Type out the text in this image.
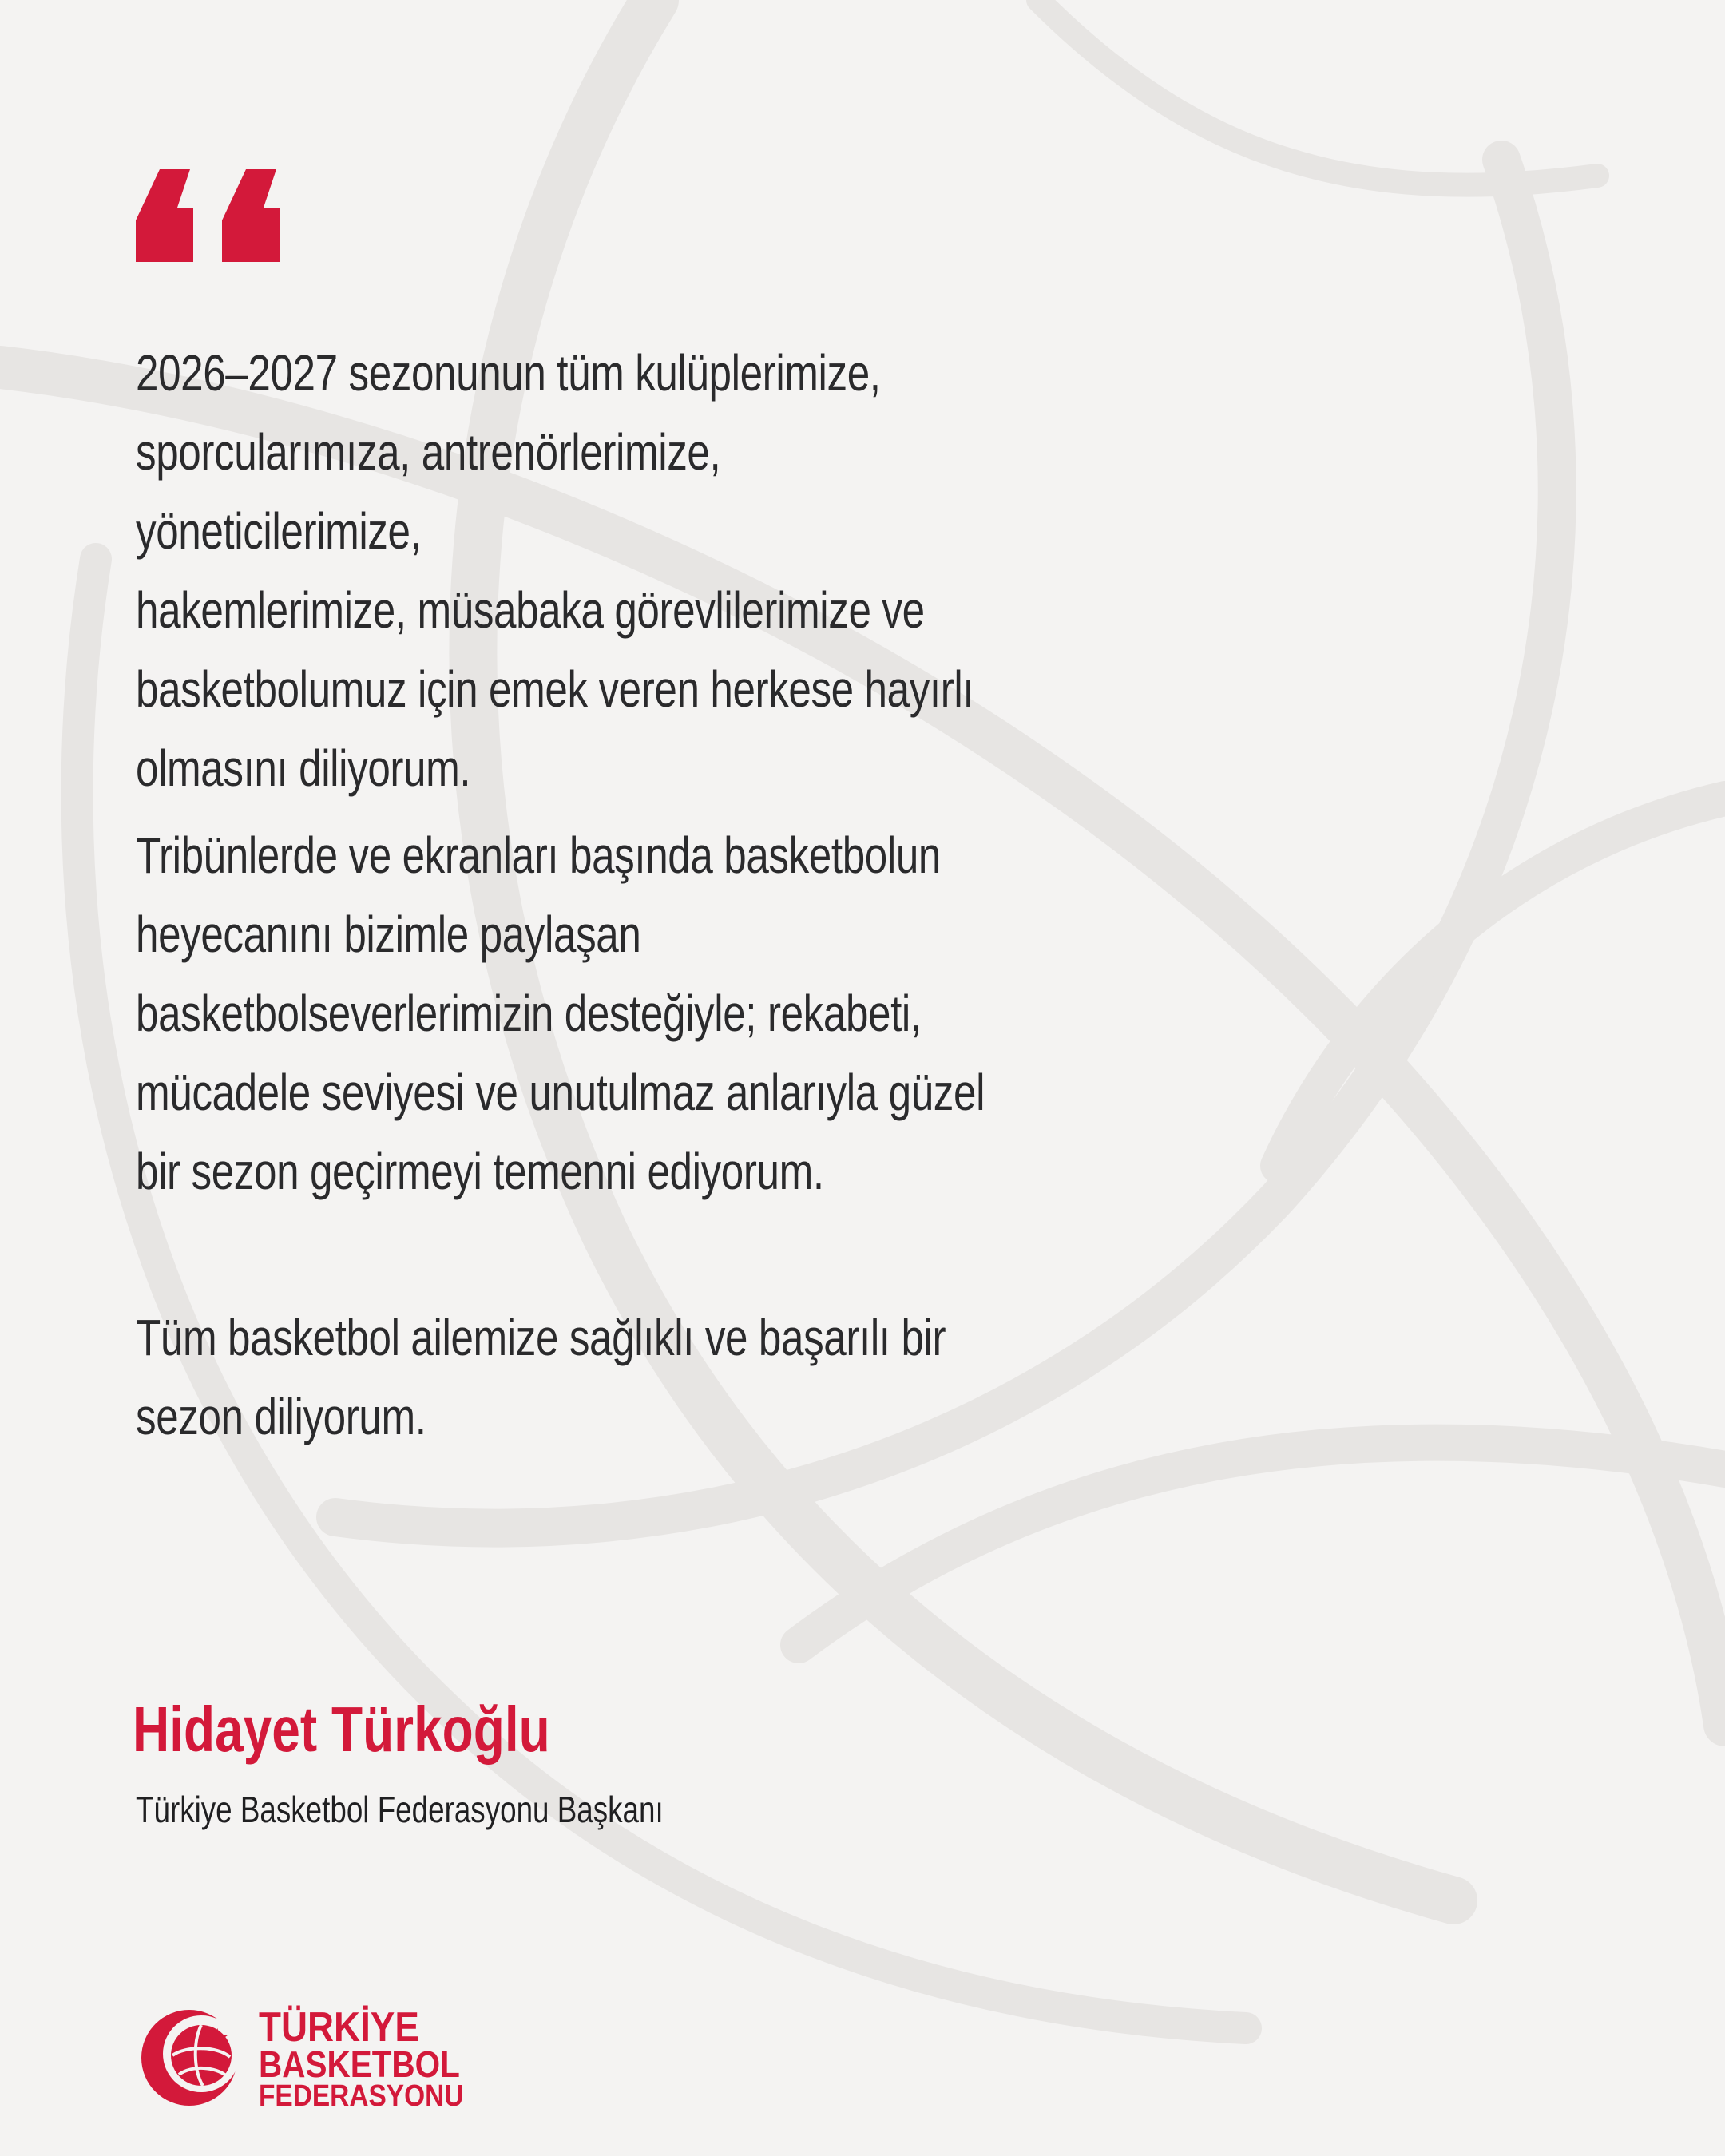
2026–2027 sezonunun tüm kulüplerimize,
sporcularımıza, antrenörlerimize, yöneticilerimize,
hakemlerimize, müsabaka görevlilerimize ve
basketbolumuz için emek veren herkese hayırlı
olmasını diliyorum.

Tribünlerde ve ekranları başında basketbolun
heyecanını bizimle paylaşan
basketbolseverlerimizin desteğiyle; rekabeti,
mücadele seviyesi ve unutulmaz anlarıyla güzel
bir sezon geçirmeyi temenni ediyorum.

Tüm basketbol ailemize sağlıklı ve başarılı bir
sezon diliyorum.

Hidayet Türkoğlu

Türkiye Basketbol Federasyonu Başkanı

TÜRKİYE
BASKETBOL
FEDERASYONU
